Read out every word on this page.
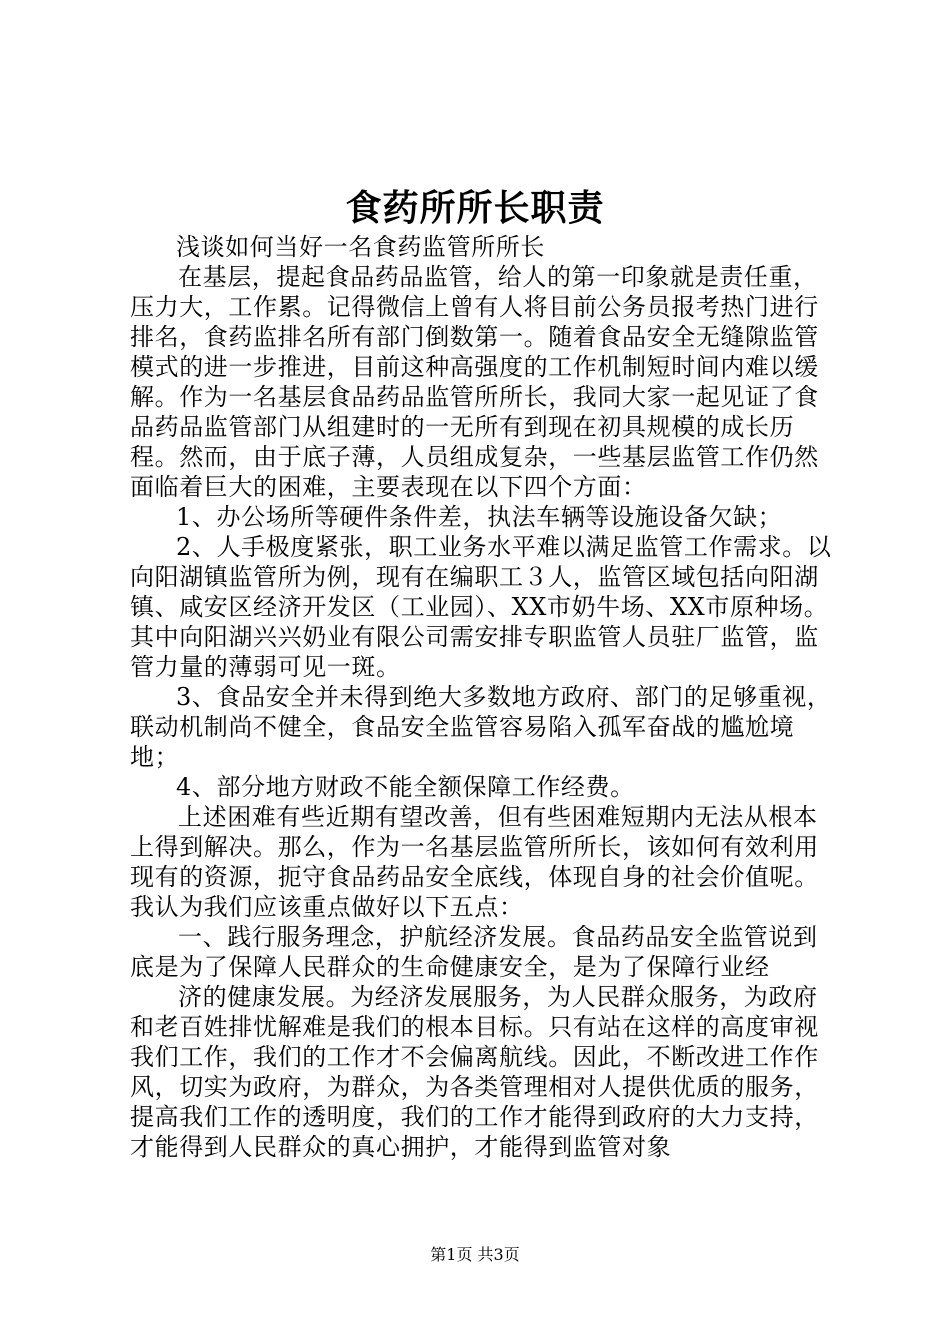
食药所所长职责

浅谈如何当好一名食药监管所所长

在基层，提起食品药品监管，给人的第一印象就是责任重，压力大，工作累。记得微信上曾有人将目前公务员报考热门进行排名，食药监排名所有部门倒数第一。随着食品安全无缝隙监管模式的进一步推进，目前这种高强度的工作机制短时间内难以缓解。作为一名基层食品药品监管所所长，我同大家一起见证了食品药品监管部门从组建时的一无所有到现在初具规模的成长历程。然而，由于底子薄，人员组成复杂，一些基层监管工作仍然面临着巨大的困难，主要表现在以下四个方面：

1、办公场所等硬件条件差，执法车辆等设施设备欠缺；

2、人手极度紧张，职工业务水平难以满足监管工作需求。以向阳湖镇监管所为例，现有在编职工３人，监管区域包括向阳湖镇、咸安区经济开发区（工业园）、XX市奶牛场、XX市原种场。其中向阳湖兴兴奶业有限公司需安排专职监管人员驻厂监管，监管力量的薄弱可见一斑。

3、食品安全并未得到绝大多数地方政府、部门的足够重视，联动机制尚不健全，食品安全监管容易陷入孤军奋战的尴尬境地；

4、部分地方财政不能全额保障工作经费。

上述困难有些近期有望改善，但有些困难短期内无法从根本上得到解决。那么，作为一名基层监管所所长，该如何有效利用现有的资源，扼守食品药品安全底线，体现自身的社会价值呢。我认为我们应该重点做好以下五点：

一、践行服务理念，护航经济发展。食品药品安全监管说到底是为了保障人民群众的生命健康安全，是为了保障行业经

济的健康发展。为经济发展服务，为人民群众服务，为政府和老百姓排忧解难是我们的根本目标。只有站在这样的高度审视我们工作，我们的工作才不会偏离航线。因此，不断改进工作作风，切实为政府，为群众，为各类管理相对人提供优质的服务，提高我们工作的透明度，我们的工作才能得到政府的大力支持，才能得到人民群众的真心拥护，才能得到监管对象

第1页 共3页
